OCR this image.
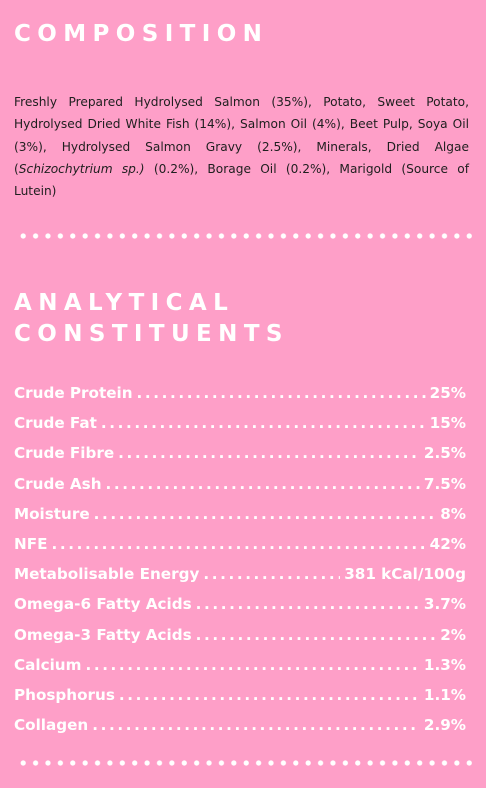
COMPOSITION

Freshly Prepared Hydrolysed Salmon (35%), Potato, Sweet Potato, Hydrolysed Dried White Fish (14%), Salmon Oil (4%), Beet Pulp, Soya Oil (3%), Hydrolysed Salmon Gravy (2.5%), Minerals, Dried Algae (Schizochytrium sp.) (0.2%), Borage Oil (0.2%), Marigold (Source of Lutein)

ANALYTICAL
CONSTITUENTS
Crude Protein .....	25%
Crude Fat .....	15%
Crude Fibre .....	2.5%
Crude Ash .....	7.5%
Moisture .....	8%
NFE .....	42%
Metabolisable Energy .....	381 kCal/100g
Omega-6 Fatty Acids .....	3.7%
Omega-3 Fatty Acids .....	2%
Calcium .....	1.3%
Phosphorus .....	1.1%
Collagen .....	2.9%
